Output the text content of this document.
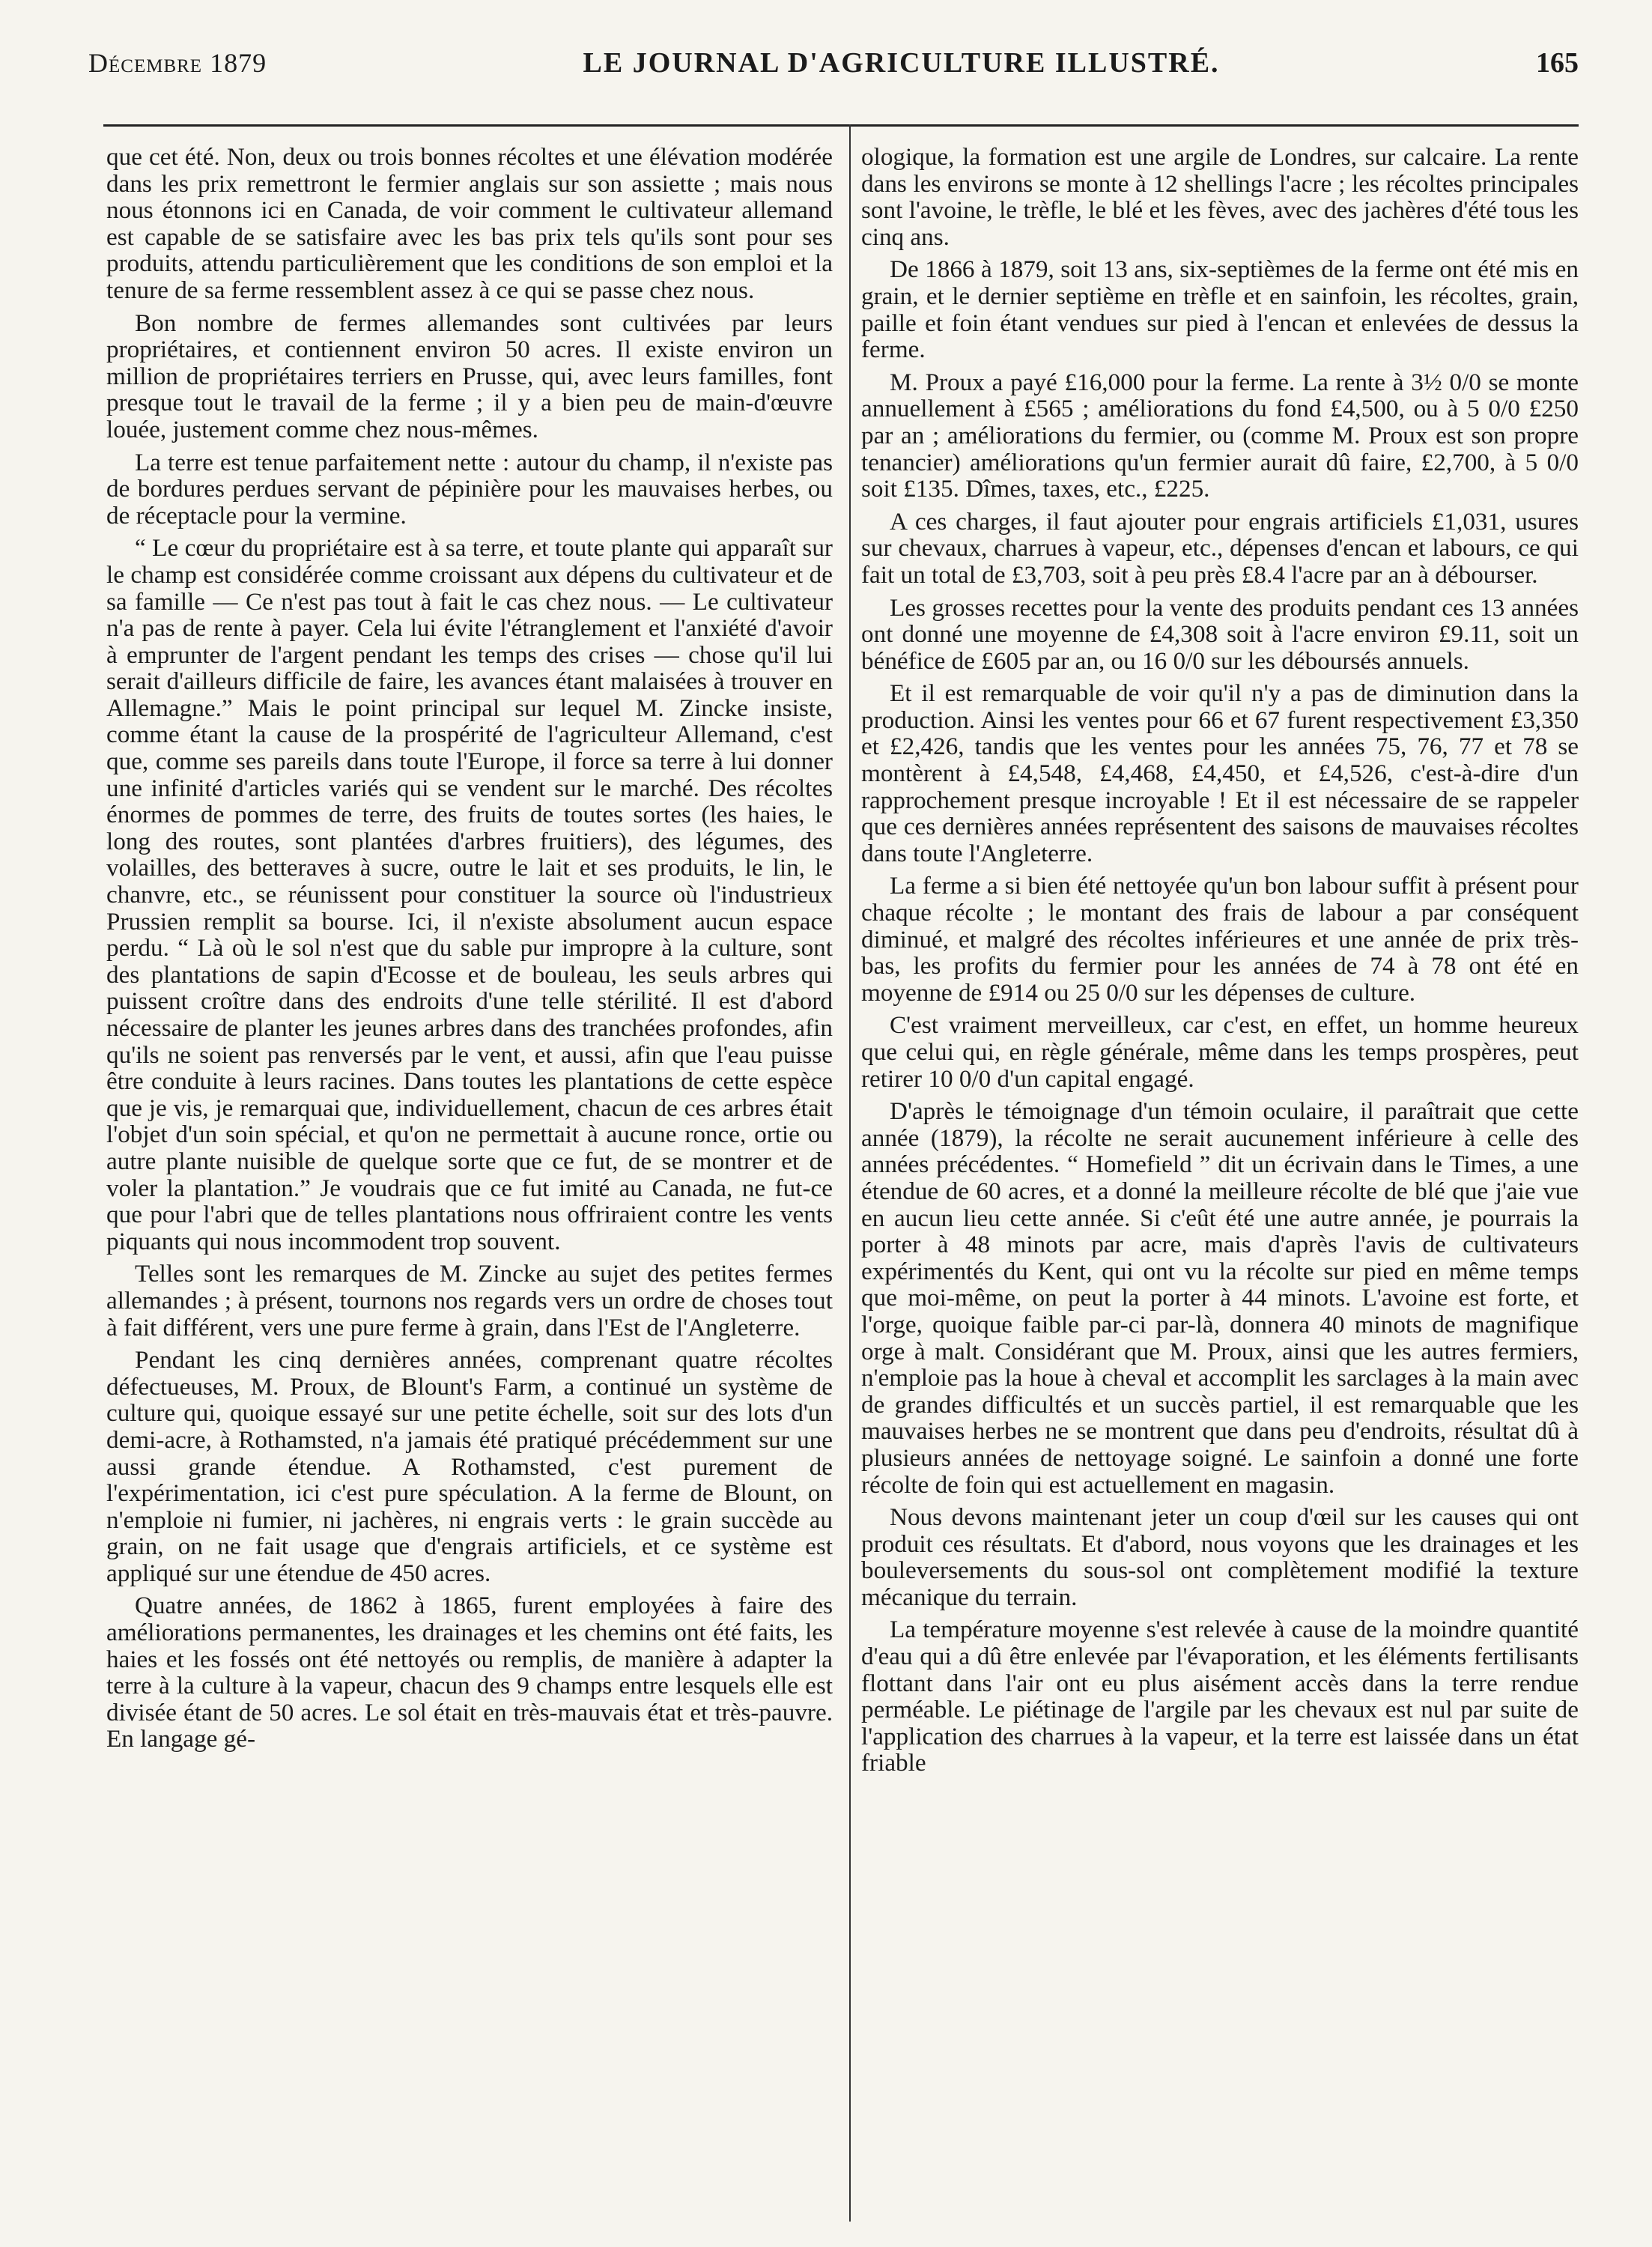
Décembre 1879	LE JOURNAL D'AGRICULTURE ILLUSTRÉ.	165

que cet été. Non, deux ou trois bonnes récoltes et une élévation modérée dans les prix remettront le fermier anglais sur son assiette ; mais nous nous étonnons ici en Canada, de voir comment le cultivateur allemand est capable de se satisfaire avec les bas prix tels qu'ils sont pour ses produits, attendu particulièrement que les conditions de son emploi et la tenure de sa ferme ressemblent assez à ce qui se passe chez nous.

Bon nombre de fermes allemandes sont cultivées par leurs propriétaires, et contiennent environ 50 acres. Il existe environ un million de propriétaires terriers en Prusse, qui, avec leurs familles, font presque tout le travail de la ferme ; il y a bien peu de main-d'œuvre louée, justement comme chez nous-mêmes.

La terre est tenue parfaitement nette : autour du champ, il n'existe pas de bordures perdues servant de pépinière pour les mauvaises herbes, ou de réceptacle pour la vermine.

“ Le cœur du propriétaire est à sa terre, et toute plante qui apparaît sur le champ est considérée comme croissant aux dépens du cultivateur et de sa famille — Ce n'est pas tout à fait le cas chez nous. — Le cultivateur n'a pas de rente à payer. Cela lui évite l'étranglement et l'anxiété d'avoir à emprunter de l'argent pendant les temps des crises — chose qu'il lui serait d'ailleurs difficile de faire, les avances étant malaisées à trouver en Allemagne.” Mais le point principal sur lequel M. Zincke insiste, comme étant la cause de la prospérité de l'agriculteur Allemand, c'est que, comme ses pareils dans toute l'Europe, il force sa terre à lui donner une infinité d'articles variés qui se vendent sur le marché. Des récoltes énormes de pommes de terre, des fruits de toutes sortes (les haies, le long des routes, sont plantées d'arbres fruitiers), des légumes, des volailles, des betteraves à sucre, outre le lait et ses produits, le lin, le chanvre, etc., se réunissent pour constituer la source où l'industrieux Prussien remplit sa bourse. Ici, il n'existe absolument aucun espace perdu. “ Là où le sol n'est que du sable pur impropre à la culture, sont des plantations de sapin d'Ecosse et de bouleau, les seuls arbres qui puissent croître dans des endroits d'une telle stérilité. Il est d'abord nécessaire de planter les jeunes arbres dans des tranchées profondes, afin qu'ils ne soient pas renversés par le vent, et aussi, afin que l'eau puisse être conduite à leurs racines. Dans toutes les plantations de cette espèce que je vis, je remarquai que, individuellement, chacun de ces arbres était l'objet d'un soin spécial, et qu'on ne permettait à aucune ronce, ortie ou autre plante nuisible de quelque sorte que ce fut, de se montrer et de voler la plantation.” Je voudrais que ce fut imité au Canada, ne fut-ce que pour l'abri que de telles plantations nous offriraient contre les vents piquants qui nous incommodent trop souvent.

Telles sont les remarques de M. Zincke au sujet des petites fermes allemandes ; à présent, tournons nos regards vers un ordre de choses tout à fait différent, vers une pure ferme à grain, dans l'Est de l'Angleterre.

Pendant les cinq dernières années, comprenant quatre récoltes défectueuses, M. Proux, de Blount's Farm, a continué un système de culture qui, quoique essayé sur une petite échelle, soit sur des lots d'un demi-acre, à Rothamsted, n'a jamais été pratiqué précédemment sur une aussi grande étendue. A Rothamsted, c'est purement de l'expérimentation, ici c'est pure spéculation. A la ferme de Blount, on n'emploie ni fumier, ni jachères, ni engrais verts : le grain succède au grain, on ne fait usage que d'engrais artificiels, et ce système est appliqué sur une étendue de 450 acres.

Quatre années, de 1862 à 1865, furent employées à faire des améliorations permanentes, les drainages et les chemins ont été faits, les haies et les fossés ont été nettoyés ou remplis, de manière à adapter la terre à la culture à la vapeur, chacun des 9 champs entre lesquels elle est divisée étant de 50 acres. Le sol était en très-mauvais état et très-pauvre. En langage gé-

ologique, la formation est une argile de Londres, sur calcaire. La rente dans les environs se monte à 12 shellings l'acre ; les récoltes principales sont l'avoine, le trèfle, le blé et les fèves, avec des jachères d'été tous les cinq ans.

De 1866 à 1879, soit 13 ans, six-septièmes de la ferme ont été mis en grain, et le dernier septième en trèfle et en sainfoin, les récoltes, grain, paille et foin étant vendues sur pied à l'encan et enlevées de dessus la ferme.

M. Proux a payé £16,000 pour la ferme. La rente à 3½ 0/0 se monte annuellement à £565 ; améliorations du fond £4,500, ou à 5 0/0 £250 par an ; améliorations du fermier, ou (comme M. Proux est son propre tenancier) améliorations qu'un fermier aurait dû faire, £2,700, à 5 0/0 soit £135. Dîmes, taxes, etc., £225.

A ces charges, il faut ajouter pour engrais artificiels £1,031, usures sur chevaux, charrues à vapeur, etc., dépenses d'encan et labours, ce qui fait un total de £3,703, soit à peu près £8.4 l'acre par an à débourser.

Les grosses recettes pour la vente des produits pendant ces 13 années ont donné une moyenne de £4,308 soit à l'acre environ £9.11, soit un bénéfice de £605 par an, ou 16 0/0 sur les déboursés annuels.

Et il est remarquable de voir qu'il n'y a pas de diminution dans la production. Ainsi les ventes pour 66 et 67 furent respectivement £3,350 et £2,426, tandis que les ventes pour les années 75, 76, 77 et 78 se montèrent à £4,548, £4,468, £4,450, et £4,526, c'est-à-dire d'un rapprochement presque incroyable ! Et il est nécessaire de se rappeler que ces dernières années représentent des saisons de mauvaises récoltes dans toute l'Angleterre.

La ferme a si bien été nettoyée qu'un bon labour suffit à présent pour chaque récolte ; le montant des frais de labour a par conséquent diminué, et malgré des récoltes inférieures et une année de prix très-bas, les profits du fermier pour les années de 74 à 78 ont été en moyenne de £914 ou 25 0/0 sur les dépenses de culture.

C'est vraiment merveilleux, car c'est, en effet, un homme heureux que celui qui, en règle générale, même dans les temps prospères, peut retirer 10 0/0 d'un capital engagé.

D'après le témoignage d'un témoin oculaire, il paraîtrait que cette année (1879), la récolte ne serait aucunement inférieure à celle des années précédentes. “ Homefield ” dit un écrivain dans le Times, a une étendue de 60 acres, et a donné la meilleure récolte de blé que j'aie vue en aucun lieu cette année. Si c'eût été une autre année, je pourrais la porter à 48 minots par acre, mais d'après l'avis de cultivateurs expérimentés du Kent, qui ont vu la récolte sur pied en même temps que moi-même, on peut la porter à 44 minots. L'avoine est forte, et l'orge, quoique faible par-ci par-là, donnera 40 minots de magnifique orge à malt. Considérant que M. Proux, ainsi que les autres fermiers, n'emploie pas la houe à cheval et accomplit les sarclages à la main avec de grandes difficultés et un succès partiel, il est remarquable que les mauvaises herbes ne se montrent que dans peu d'endroits, résultat dû à plusieurs années de nettoyage soigné. Le sainfoin a donné une forte récolte de foin qui est actuellement en magasin.

Nous devons maintenant jeter un coup d'œil sur les causes qui ont produit ces résultats. Et d'abord, nous voyons que les drainages et les bouleversements du sous-sol ont complètement modifié la texture mécanique du terrain.

La température moyenne s'est relevée à cause de la moindre quantité d'eau qui a dû être enlevée par l'évaporation, et les éléments fertilisants flottant dans l'air ont eu plus aisément accès dans la terre rendue perméable. Le piétinage de l'argile par les chevaux est nul par suite de l'application des charrues à la vapeur, et la terre est laissée dans un état friable
